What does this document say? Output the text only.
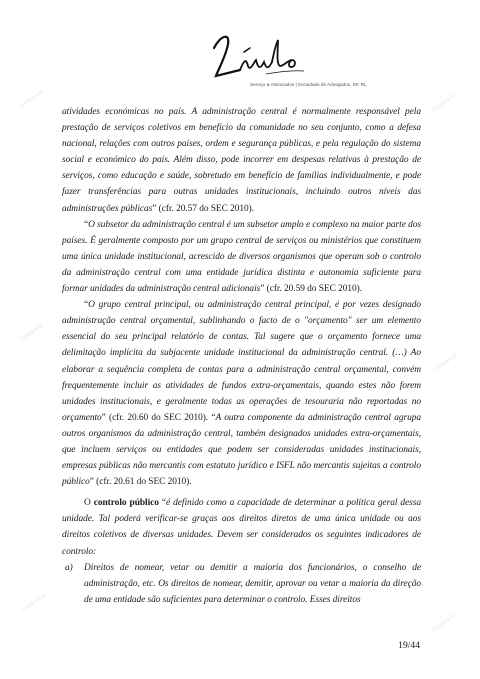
Confidencial	Confidencial
Confidencial
Confidencial
Confidencial
Confidencial
Serviço & Associados | Sociedade de Advogados, SP, RL

atividades económicas no país. A administração central é normalmente responsável pela prestação de serviços coletivos em benefício da comunidade no seu conjunto, como a defesa nacional, relações com outros países, ordem e segurança públicas, e pela regulação do sistema social e económico do país. Além disso, pode incorrer em despesas relativas à prestação de serviços, como educação e saúde, sobretudo em benefício de famílias individualmente, e pode fazer transferências para outras unidades institucionais, incluindo outros níveis das administrações públicas” (cfr. 20.57 do SEC 2010).

“O subsetor da administração central é um subsetor amplo e complexo na maior parte dos países. É geralmente composto por um grupo central de serviços ou ministérios que constituem uma única unidade institucional, acrescido de diversos organismos que operam sob o controlo da administração central com uma entidade jurídica distinta e autonomia suficiente para formar unidades da administração central adicionais” (cfr. 20.59 do SEC 2010).

“O grupo central principal, ou administração central principal, é por vezes designado administração central orçamental, sublinhando o facto de o "orçamento" ser um elemento essencial do seu principal relatório de contas. Tal sugere que o orçamento fornece uma delimitação implícita da subjacente unidade institucional da administração central. (…) Ao elaborar a sequência completa de contas para a administração central orçamental, convém frequentemente incluir as atividades de fundos extra-orçamentais, quando estes não forem unidades institucionais, e geralmente todas as operações de tesouraria não reportadas no orçamento” (cfr. 20.60 do SEC 2010). “A outra componente da administração central agrupa outros organismos da administração central, também designados unidades extra-orçamentais, que incluem serviços ou entidades que podem ser consideradas unidades institucionais, empresas públicas não mercantis com estatuto jurídico e ISFL não mercantis sujeitas a controlo público” (cfr. 20.61 do SEC 2010).

O controlo público “é definido como a capacidade de determinar a política geral dessa unidade. Tal poderá verificar-se graças aos direitos diretos de uma única unidade ou aos direitos coletivos de diversas unidades. Devem ser considerados os seguintes indicadores de controlo:

a) Direitos de nomear, vetar ou demitir a maioria dos funcionários, o conselho de administração, etc. Os direitos de nomear, demitir, aprovar ou vetar a maioria da direção de uma entidade são suficientes para determinar o controlo. Esses direitos
19/44
